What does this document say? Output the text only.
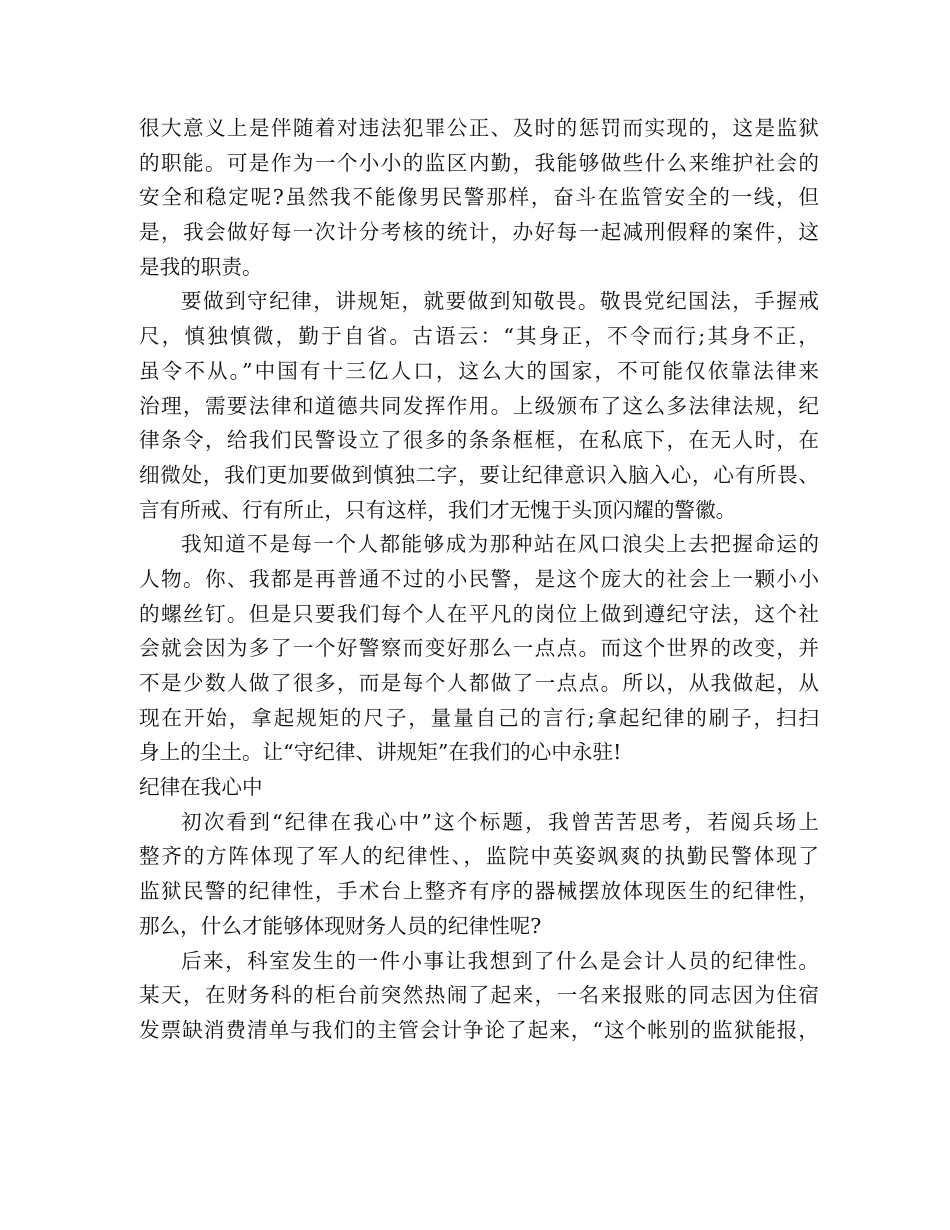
很大意义上是伴随着对违法犯罪公正、及时的惩罚而实现的，这是监狱
的职能。可是作为一个小小的监区内勤，我能够做些什么来维护社会的
安全和稳定呢?虽然我不能像男民警那样，奋斗在监管安全的一线，但
是，我会做好每一次计分考核的统计，办好每一起减刑假释的案件，这
是我的职责。
要做到守纪律，讲规矩，就要做到知敬畏。敬畏党纪国法，手握戒
尺，慎独慎微，勤于自省。古语云：“其身正，不令而行;其身不正，
虽令不从。”中国有十三亿人口，这么大的国家，不可能仅依靠法律来
治理，需要法律和道德共同发挥作用。上级颁布了这么多法律法规，纪
律条令，给我们民警设立了很多的条条框框，在私底下，在无人时，在
细微处，我们更加要做到慎独二字，要让纪律意识入脑入心，心有所畏、
言有所戒、行有所止，只有这样，我们才无愧于头顶闪耀的警徽。
我知道不是每一个人都能够成为那种站在风口浪尖上去把握命运的
人物。你、我都是再普通不过的小民警，是这个庞大的社会上一颗小小
的螺丝钉。但是只要我们每个人在平凡的岗位上做到遵纪守法，这个社
会就会因为多了一个好警察而变好那么一点点。而这个世界的改变，并
不是少数人做了很多，而是每个人都做了一点点。所以，从我做起，从
现在开始，拿起规矩的尺子，量量自己的言行;拿起纪律的刷子，扫扫
身上的尘土。让“守纪律、讲规矩”在我们的心中永驻!
纪律在我心中
初次看到“纪律在我心中”这个标题，我曾苦苦思考，若阅兵场上
整齐的方阵体现了军人的纪律性、，监院中英姿飒爽的执勤民警体现了
监狱民警的纪律性，手术台上整齐有序的器械摆放体现医生的纪律性，
那么，什么才能够体现财务人员的纪律性呢?
后来，科室发生的一件小事让我想到了什么是会计人员的纪律性。
某天，在财务科的柜台前突然热闹了起来，一名来报账的同志因为住宿
发票缺消费清单与我们的主管会计争论了起来，“这个帐别的监狱能报，
